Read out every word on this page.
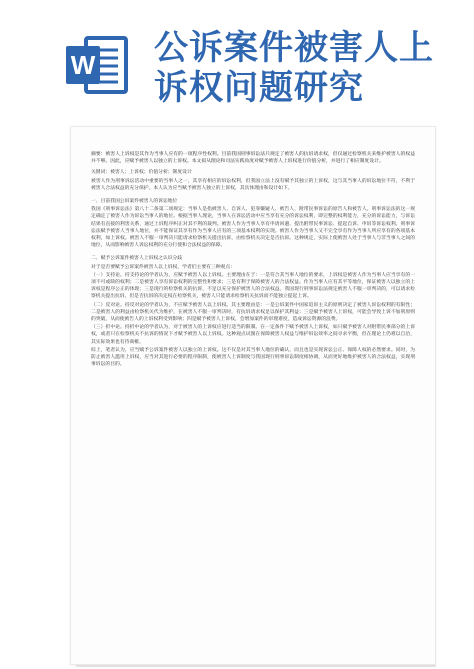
W 公诉案件被害人上
诉权问题研究

摘要：被害人上诉权是其作为当事人应有的一项程序性权利。目前我国刑事诉讼法只规定了被害人的抗诉请求权，但仅通过检察机关来维护被害人的权益并不够。因此，应赋予被害人以独立的上诉权。本文拟从理论和司法实践角度对赋予被害人上诉权进行价值分析，并进行了相应制度设计。

关键词：被害人；上诉权；价值分析；制度设计

被害人作为刑事诉讼活动中重要的当事人之一，其享有相应的诉讼权利，但我国立法上没有赋予其独立的上诉权，这与其当事人的诉讼地位不符，不利于被害人合法权益的充分保护。本人认为应当赋予被害人独立的上诉权，其具体理由和设计如下。

一、目前我国公诉案件被害人的诉讼地位

我国《刑事诉讼法》第八十二条第二项规定：当事人是指被害人、自诉人、犯罪嫌疑人、被告人、附带民事诉讼的原告人和被告人。刑事诉讼法的这一规定确定了被害人作为诉讼当事人的地位。根据当事人理论，当事人在诉讼活动中应当享有充分的诉讼权利，即完整的权利能力，充分的诉讼能力，与诉讼结果有直接的利害关系，通过上诉程序纠正对其不利的裁判。被害人作为当事人享有申请回避、提出附带民事诉讼、提起自诉、申诉等诉讼权利。刑事诉讼法赋予被害人当事人地位，并不能保证其享有作为当事人应有的三项基本权利的实现。被害人作为当事人又不完全享有作为当事人所应享有的各项基本权利，如上诉权。被害人不服一审判决只能请求检察机关提出抗诉，由检察机关决定是否抗诉。这种规定，实际上使被害人处于当事人与非当事人之间的地位，从而影响被害人诉讼权利的充分行使和合法权益的保障。

二、赋予公诉案件被害人上诉权之认识分歧

对于是否要赋予公诉案件被害人以上诉权，学者们主要有三种观点：

（一）支持论。持支持论的学者认为，应赋予被害人以上诉权。主要理由在于：一是符合其当事人地位的要求，上诉权是被害人作为当事人应当享有的一项不可或缺的权利；二是被害人享有诉讼权利的完整性和要求；三是有利于保障被害人的合法权益。作为当事人应有其平等地位，保证被害人以独立的上诉权是程序公正的体现；三是现行的检察机关的抗诉，不足以充分保护被害人的合法权益。我国现行刑事诉讼法规定被害人不服一审判决的，可以请求检察机关提出抗诉，但是否抗诉的决定权在检察机关，被害人只能请求检察机关抗诉而不能独立提起上诉。

（二）反对论。持反对论的学者认为，不应赋予被害人以上诉权。其主要理由是：一是公诉案件中国家追诉主义的原则决定了被害人诉讼权利的有限性；二是被害人的利益由检察机关代为维护，在被害人不服一审判决时，有抗诉请求权足以保护其利益；三是赋予被害人上诉权，可能会导致上诉不加刑原则的突破，从而使被告人的上诉权利受到影响；四是赋予被害人上诉权，会增加案件的审理难度，造成诉讼资源的浪费。

（三）折中论。持折中论的学者认为，对于被害人的上诉权应进行适当的限制。在一定条件下赋予被害人上诉权，如只赋予被害人对附带民事部分的上诉权，或者只在检察机关不抗诉的情况下才赋予被害人以上诉权。这种观点试图在保障被害人权益与维护诉讼效率之间寻求平衡，但在理论上仍难以自洽，其实际效果也有待商榷。

综上，笔者认为，应当赋予公诉案件被害人以独立的上诉权。这不仅是对其当事人地位的确认，而且也是实现诉讼公正、保障人权的必然要求。同时，为防止被害人滥用上诉权，应当对其进行必要的程序限制，使被害人上诉制度与我国现行刑事诉讼制度相协调，从而更好地维护被害人的合法权益，实现刑事诉讼的目的。
